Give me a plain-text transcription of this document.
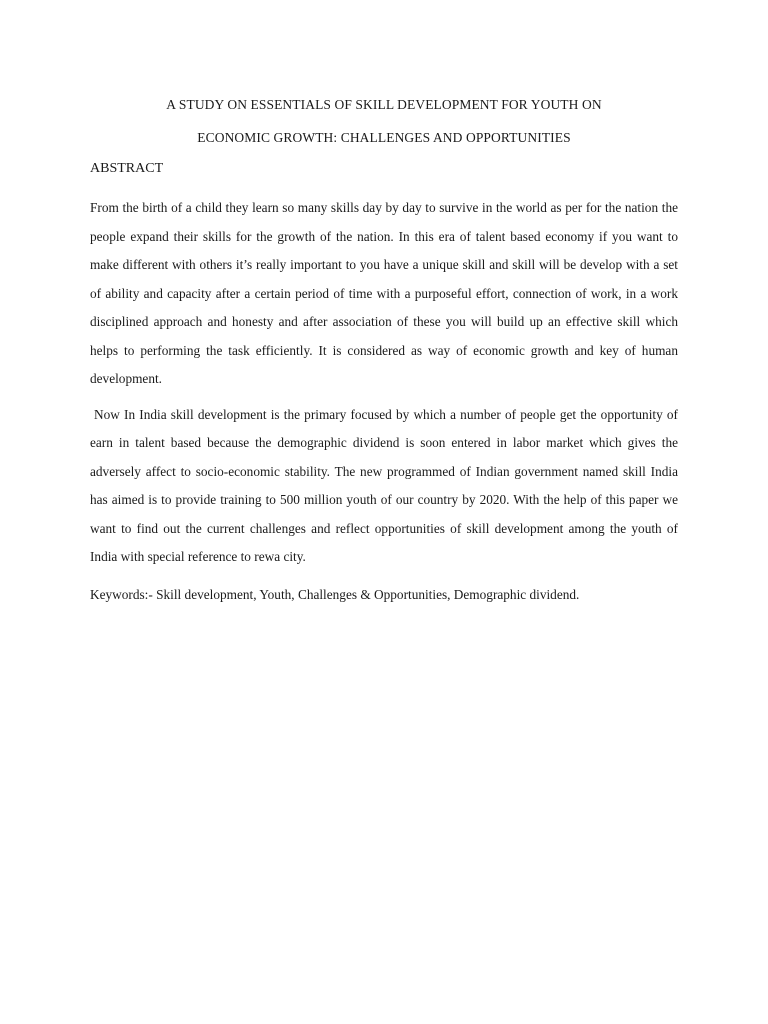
A STUDY ON ESSENTIALS OF SKILL DEVELOPMENT FOR YOUTH ON
ECONOMIC GROWTH: CHALLENGES AND OPPORTUNITIES
ABSTRACT

From the birth of a child they learn so many skills day by day to survive in the world as per for the nation the people expand their skills for the growth of the nation. In this era of talent based economy if you want to make different with others it’s really important to you have a unique skill and skill will be develop with a set of ability and capacity after a certain period of time with a purposeful effort, connection of work, in a work disciplined approach and honesty and after association of these you will build up an effective skill which helps to performing the task efficiently. It is considered as way of economic growth and key of human development.

Now In India skill development is the primary focused by which a number of people get the opportunity of earn in talent based because the demographic dividend is soon entered in labor market which gives the adversely affect to socio-economic stability. The new programmed of Indian government named skill India has aimed is to provide training to 500 million youth of our country by 2020. With the help of this paper we want to find out the current challenges and reflect opportunities of skill development among the youth of India with special reference to rewa city.

Keywords:- Skill development, Youth, Challenges & Opportunities, Demographic dividend.
